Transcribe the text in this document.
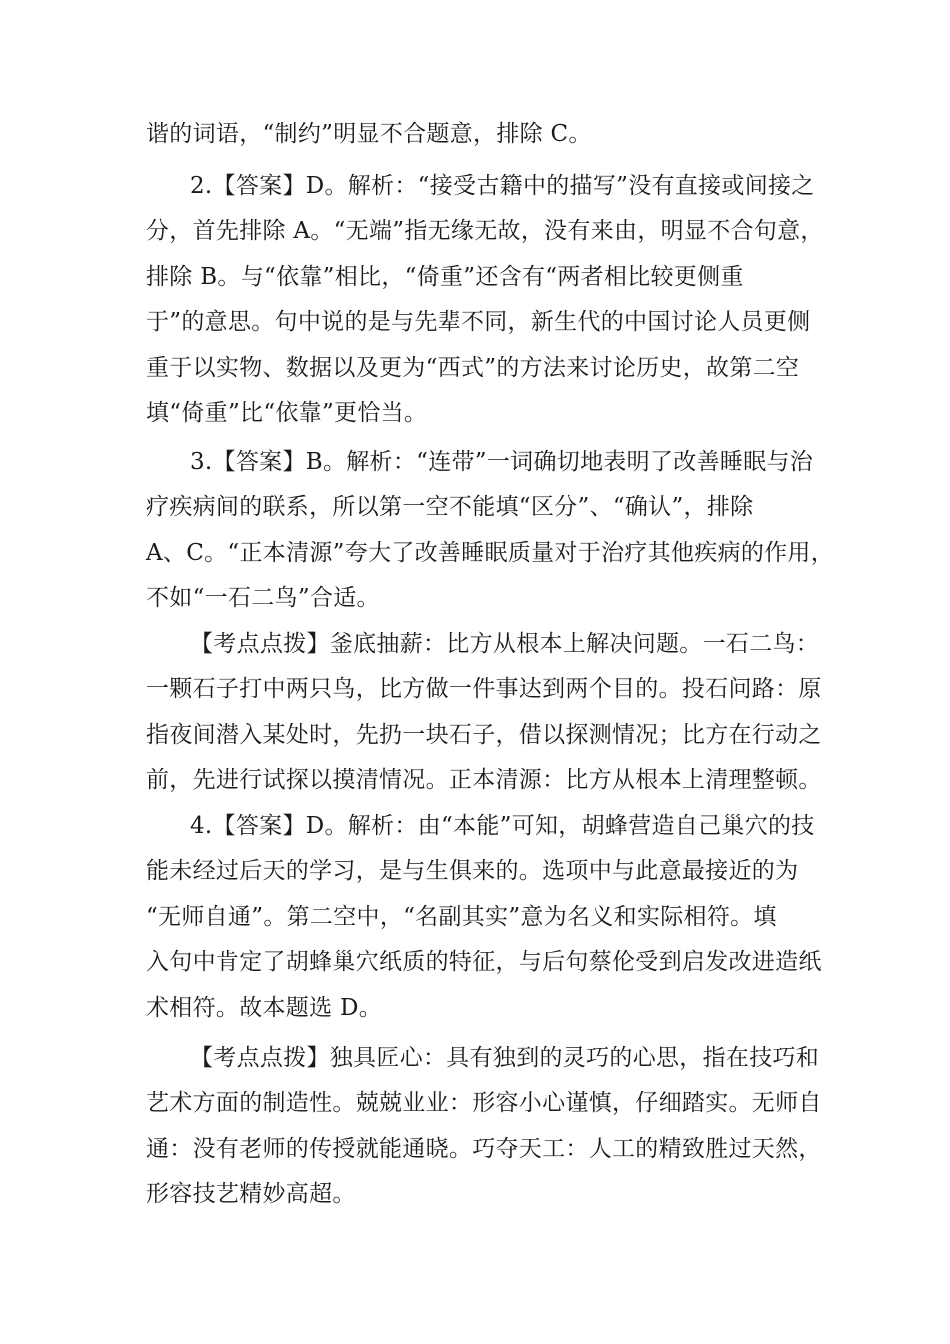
谐的词语，“制约”明显不合题意，排除 C。
2.【答案】D。解析：“接受古籍中的描写”没有直接或间接之
分，首先排除 A。“无端”指无缘无故，没有来由，明显不合句意，
排除 B。与“依靠”相比，“倚重”还含有“两者相比较更侧重
于”的意思。句中说的是与先辈不同，新生代的中国讨论人员更侧
重于以实物、数据以及更为“西式”的方法来讨论历史，故第二空
填“倚重”比“依靠”更恰当。
3.【答案】B。解析：“连带”一词确切地表明了改善睡眠与治
疗疾病间的联系，所以第一空不能填“区分”、“确认”，排除
A、C。“正本清源”夸大了改善睡眠质量对于治疗其他疾病的作用，
不如“一石二鸟”合适。
【考点点拨】釜底抽薪：比方从根本上解决问题。一石二鸟：
一颗石子打中两只鸟，比方做一件事达到两个目的。投石问路：原
指夜间潜入某处时，先扔一块石子，借以探测情况；比方在行动之
前，先进行试探以摸清情况。正本清源：比方从根本上清理整顿。
4.【答案】D。解析：由“本能”可知，胡蜂营造自己巢穴的技
能未经过后天的学习，是与生俱来的。选项中与此意最接近的为
“无师自通”。第二空中，“名副其实”意为名义和实际相符。填
入句中肯定了胡蜂巢穴纸质的特征，与后句蔡伦受到启发改进造纸
术相符。故本题选 D。
【考点点拨】独具匠心：具有独到的灵巧的心思，指在技巧和
艺术方面的制造性。兢兢业业：形容小心谨慎，仔细踏实。无师自
通：没有老师的传授就能通晓。巧夺天工：人工的精致胜过天然，
形容技艺精妙高超。
